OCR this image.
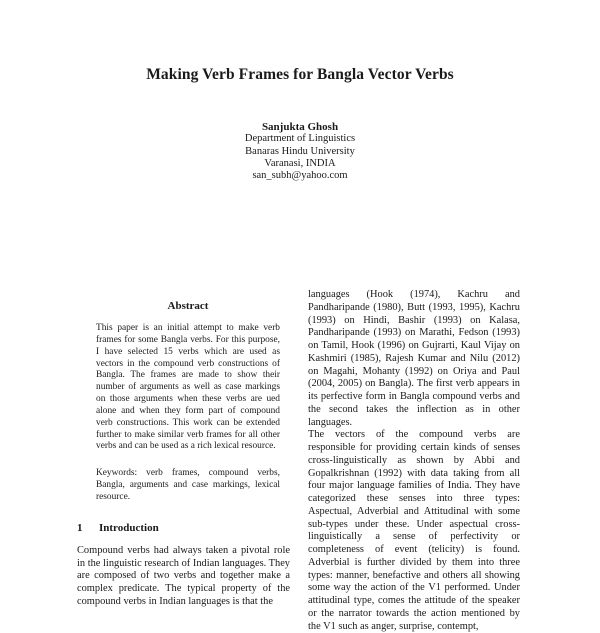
Making Verb Frames for Bangla Vector Verbs
Sanjukta Ghosh
Department of Linguistics
Banaras Hindu University
Varanasi, INDIA
san_subh@yahoo.com
Abstract

This paper is an initial attempt to make verb frames for some Bangla verbs. For this purpose, I have selected 15 verbs which are used as vectors in the compound verb constructions of Bangla. The frames are made to show their number of arguments as well as case markings on those arguments when these verbs are ued alone and when they form part of compound verb constructions. This work can be extended further to make similar verb frames for all other verbs and can be used as a rich lexical resource.

Keywords: verb frames, compound verbs, Bangla, arguments and case markings, lexical resource.

1 Introduction

Compound verbs had always taken a pivotal role in the linguistic research of Indian languages. They are composed of two verbs and together make a complex predicate. The typical property of the compound verbs in Indian languages is that the

languages (Hook (1974), Kachru and Pandharipande (1980), Butt (1993, 1995), Kachru (1993) on Hindi, Bashir (1993) on Kalasa, Pandharipande (1993) on Marathi, Fedson (1993) on Tamil, Hook (1996) on Gujrarti, Kaul Vijay on Kashmiri (1985), Rajesh Kumar and Nilu (2012) on Magahi, Mohanty (1992) on Oriya and Paul (2004, 2005) on Bangla). The first verb appears in its perfective form in Bangla compound verbs and the second takes the inflection as in other languages.

The vectors of the compound verbs are responsible for providing certain kinds of senses cross-linguistically as shown by Abbi and Gopalkrishnan (1992) with data taking from all four major language families of India. They have categorized these senses into three types: Aspectual, Adverbial and Attitudinal with some sub-types under these. Under aspectual cross-linguistically a sense of perfectivity or completeness of event (telicity) is found. Adverbial is further divided by them into three types: manner, benefactive and others all showing some way the action of the V1 performed. Under attitudinal type, comes the attitude of the speaker or the narrator towards the action mentioned by the V1 such as anger, surprise, contempt,
